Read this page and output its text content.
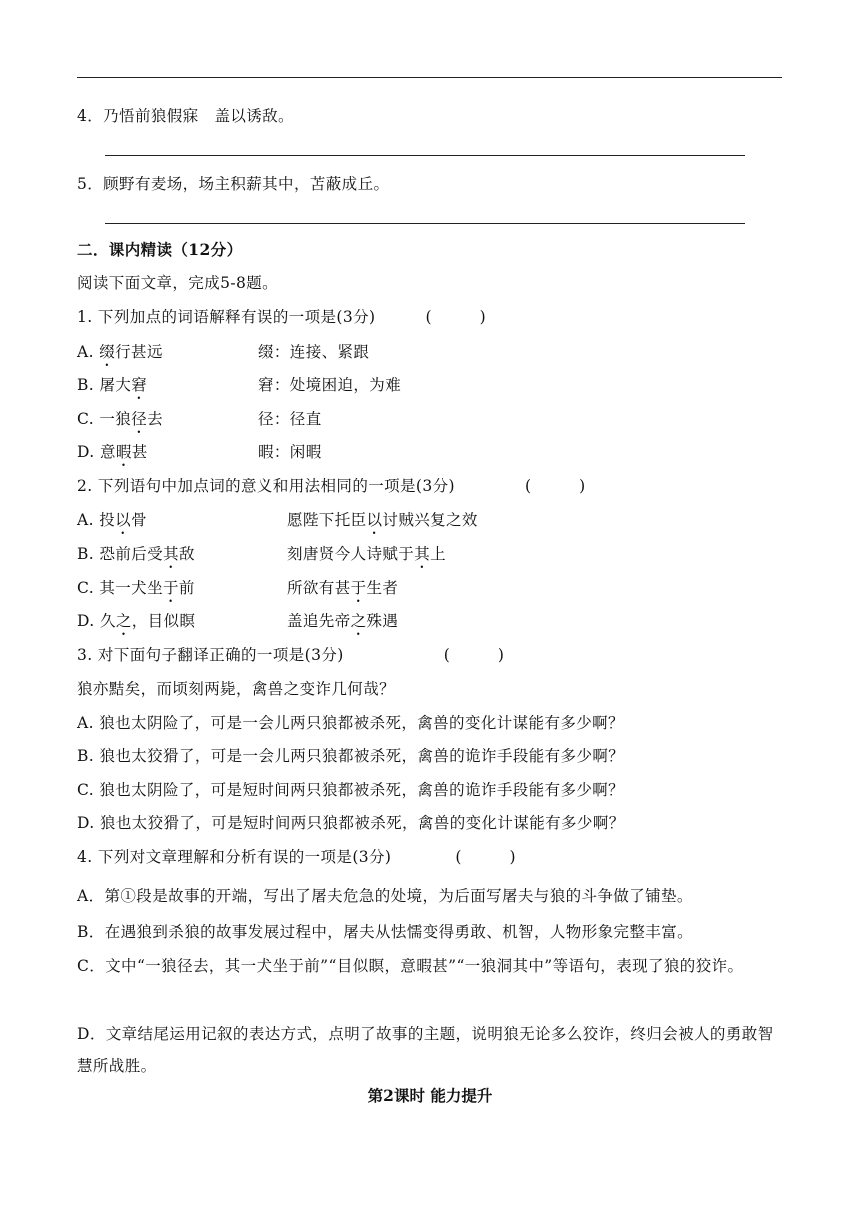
4．乃悟前狼假寐　盖以诱敌。
5．顾野有麦场，场主积薪其中，苫蔽成丘。
二．课内精读（12分）
阅读下面文章，完成5-8题。
1. 下列加点的词语解释有误的一项是(3分)	(　　　)
A. 缀行甚远	缀：连接、紧跟
B. 屠大窘	窘：处境困迫，为难
C. 一狼径去	径：径直
D. 意暇甚	暇：闲暇
2. 下列语句中加点词的意义和用法相同的一项是(3分)	(　　　)
A. 投以骨	愿陛下托臣以讨贼兴复之效
B. 恐前后受其敌	刻唐贤今人诗赋于其上
C. 其一犬坐于前	所欲有甚于生者
D. 久之，目似瞑	盖追先帝之殊遇
3. 对下面句子翻译正确的一项是(3分)	(　　　)
狼亦黠矣，而顷刻两毙，禽兽之变诈几何哉？
A. 狼也太阴险了，可是一会儿两只狼都被杀死，禽兽的变化计谋能有多少啊？
B. 狼也太狡猾了，可是一会儿两只狼都被杀死，禽兽的诡诈手段能有多少啊？
C. 狼也太阴险了，可是短时间两只狼都被杀死，禽兽的诡诈手段能有多少啊？
D. 狼也太狡猾了，可是短时间两只狼都被杀死，禽兽的变化计谋能有多少啊？
4. 下列对文章理解和分析有误的一项是(3分)	(　　　)
A．第①段是故事的开端，写出了屠夫危急的处境，为后面写屠夫与狼的斗争做了铺垫。
B．在遇狼到杀狼的故事发展过程中，屠夫从怯懦变得勇敢、机智，人物形象完整丰富。
C．文中“一狼径去，其一犬坐于前”“目似瞑，意暇甚”“一狼洞其中”等语句，表现了狼的狡诈。
D．文章结尾运用记叙的表达方式，点明了故事的主题，说明狼无论多么狡诈，终归会被人的勇敢智慧所战胜。
第2课时 能力提升
